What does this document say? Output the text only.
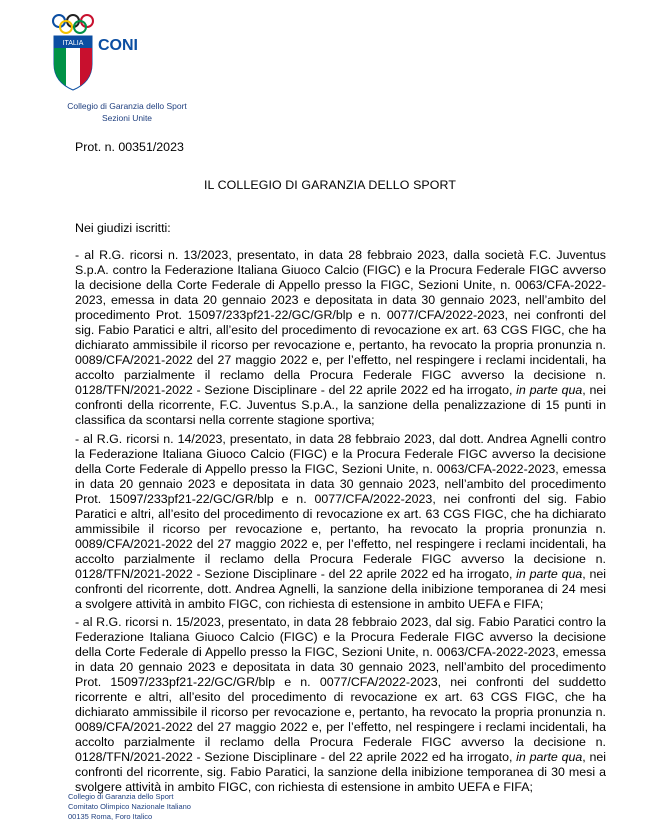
ITALIA CONI
Collegio di Garanzia dello Sport
Sezioni Unite
Prot. n. 00351/2023
IL COLLEGIO DI GARANZIA DELLO SPORT
Nei giudizi iscritti:

- al R.G. ricorsi n. 13/2023, presentato, in data 28 febbraio 2023, dalla società F.C. Juventus S.p.A. contro la Federazione Italiana Giuoco Calcio (FIGC) e la Procura Federale FIGC avverso la decisione della Corte Federale di Appello presso la FIGC, Sezioni Unite, n. 0063/CFA-2022-2023, emessa in data 20 gennaio 2023 e depositata in data 30 gennaio 2023, nell’ambito del procedimento Prot. 15097/233pf21-22/GC/GR/blp e n. 0077/CFA/2022-2023, nei confronti del sig. Fabio Paratici e altri, all’esito del procedimento di revocazione ex art. 63 CGS FIGC, che ha dichiarato ammissibile il ricorso per revocazione e, pertanto, ha revocato la propria pronunzia n. 0089/CFA/2021-2022 del 27 maggio 2022 e, per l’effetto, nel respingere i reclami incidentali, ha accolto parzialmente il reclamo della Procura Federale FIGC avverso la decisione n. 0128/TFN/2021-2022 - Sezione Disciplinare - del 22 aprile 2022 ed ha irrogato, in parte qua, nei confronti della ricorrente, F.C. Juventus S.p.A., la sanzione della penalizzazione di 15 punti in classifica da scontarsi nella corrente stagione sportiva;

- al R.G. ricorsi n. 14/2023, presentato, in data 28 febbraio 2023, dal dott. Andrea Agnelli contro la Federazione Italiana Giuoco Calcio (FIGC) e la Procura Federale FIGC avverso la decisione della Corte Federale di Appello presso la FIGC, Sezioni Unite, n. 0063/CFA-2022-2023, emessa in data 20 gennaio 2023 e depositata in data 30 gennaio 2023, nell’ambito del procedimento Prot. 15097/233pf21-22/GC/GR/blp e n. 0077/CFA/2022-2023, nei confronti del sig. Fabio Paratici e altri, all’esito del procedimento di revocazione ex art. 63 CGS FIGC, che ha dichiarato ammissibile il ricorso per revocazione e, pertanto, ha revocato la propria pronunzia n. 0089/CFA/2021-2022 del 27 maggio 2022 e, per l’effetto, nel respingere i reclami incidentali, ha accolto parzialmente il reclamo della Procura Federale FIGC avverso la decisione n. 0128/TFN/2021-2022 - Sezione Disciplinare - del 22 aprile 2022 ed ha irrogato, in parte qua, nei confronti del ricorrente, dott. Andrea Agnelli, la sanzione della inibizione temporanea di 24 mesi a svolgere attività in ambito FIGC, con richiesta di estensione in ambito UEFA e FIFA;

- al R.G. ricorsi n. 15/2023, presentato, in data 28 febbraio 2023, dal sig. Fabio Paratici contro la Federazione Italiana Giuoco Calcio (FIGC) e la Procura Federale FIGC avverso la decisione della Corte Federale di Appello presso la FIGC, Sezioni Unite, n. 0063/CFA-2022-2023, emessa in data 20 gennaio 2023 e depositata in data 30 gennaio 2023, nell’ambito del procedimento Prot. 15097/233pf21-22/GC/GR/blp e n. 0077/CFA/2022-2023, nei confronti del suddetto ricorrente e altri, all’esito del procedimento di revocazione ex art. 63 CGS FIGC, che ha dichiarato ammissibile il ricorso per revocazione e, pertanto, ha revocato la propria pronunzia n. 0089/CFA/2021-2022 del 27 maggio 2022 e, per l’effetto, nel respingere i reclami incidentali, ha accolto parzialmente il reclamo della Procura Federale FIGC avverso la decisione n. 0128/TFN/2021-2022 - Sezione Disciplinare - del 22 aprile 2022 ed ha irrogato, in parte qua, nei confronti del ricorrente, sig. Fabio Paratici, la sanzione della inibizione temporanea di 30 mesi a svolgere attività in ambito FIGC, con richiesta di estensione in ambito UEFA e FIFA;

Collegio di Garanzia dello Sport
Comitato Olimpico Nazionale Italiano
00135 Roma, Foro Italico
